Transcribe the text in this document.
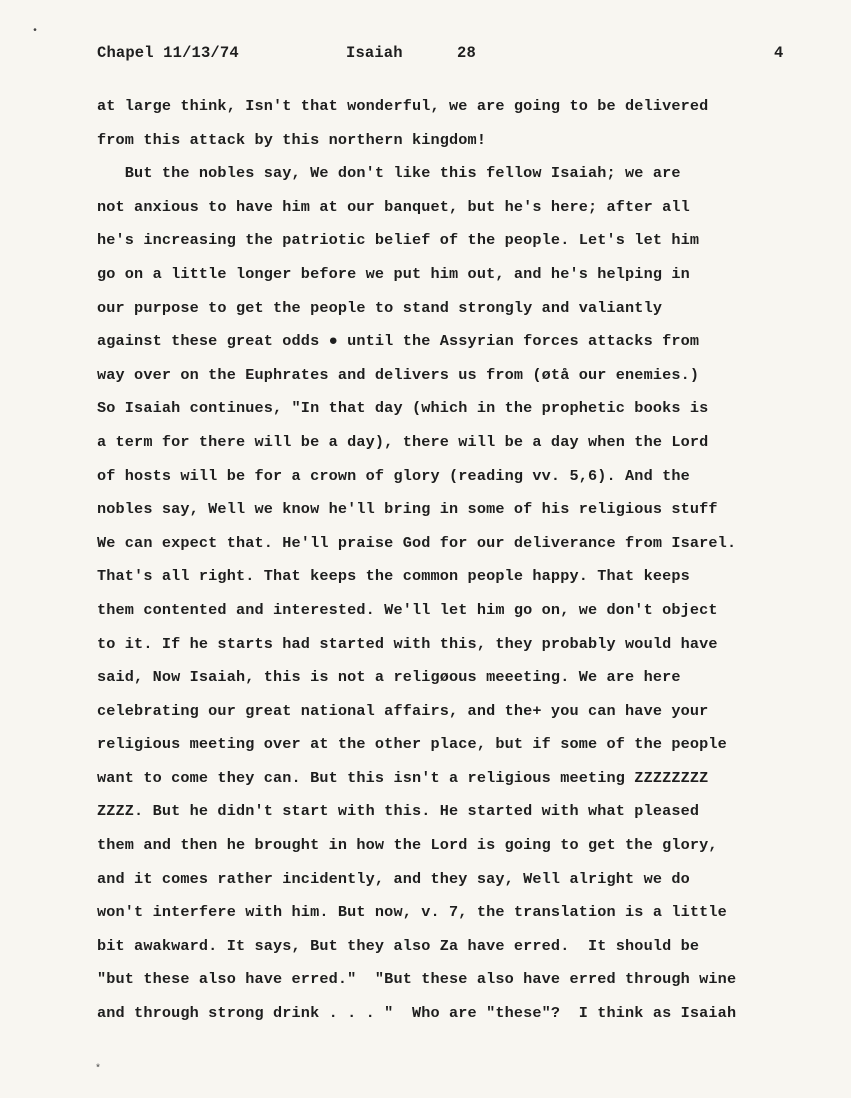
•
*
Chapel 11/13/74	Isaiah	28	4
at large think, Isn't that wonderful, we are going to be delivered
from this attack by this northern kingdom!
But the nobles say, We don't like this fellow Isaiah; we are
not anxious to have him at our banquet, but he's here; after all
he's increasing the patriotic belief of the people. Let's let him
go on a little longer before we put him out, and he's helping in
our purpose to get the people to stand strongly and valiantly
against these great odds ● until the Assyrian forces attacks from
way over on the Euphrates and delivers us from (øtå our enemies.)
So Isaiah continues, "In that day (which in the prophetic books is
a term for there will be a day), there will be a day when the Lord
of hosts will be for a crown of glory (reading vv. 5,6). And the
nobles say, Well we know he'll bring in some of his religious stuff
We can expect that. He'll praise God for our deliverance from Isarel.
That's all right. That keeps the common people happy. That keeps
them contented and interested. We'll let him go on, we don't object
to it. If he starts had started with this, they probably would have
said, Now Isaiah, this is not a religøous meeeting. We are here
celebrating our great national affairs, and the+ you can have your
religious meeting over at the other place, but if some of the people
want to come they can. But this isn't a religious meeting ZZZZZZZZ
ZZZZ. But he didn't start with this. He started with what pleased
them and then he brought in how the Lord is going to get the glory,
and it comes rather incidently, and they say, Well alright we do
won't interfere with him. But now, v. 7, the translation is a little
bit awakward. It says, But they also Za have erred.  It should be
"but these also have erred."  "But these also have erred through wine
and through strong drink . . . "  Who are "these"?  I think as Isaiah
